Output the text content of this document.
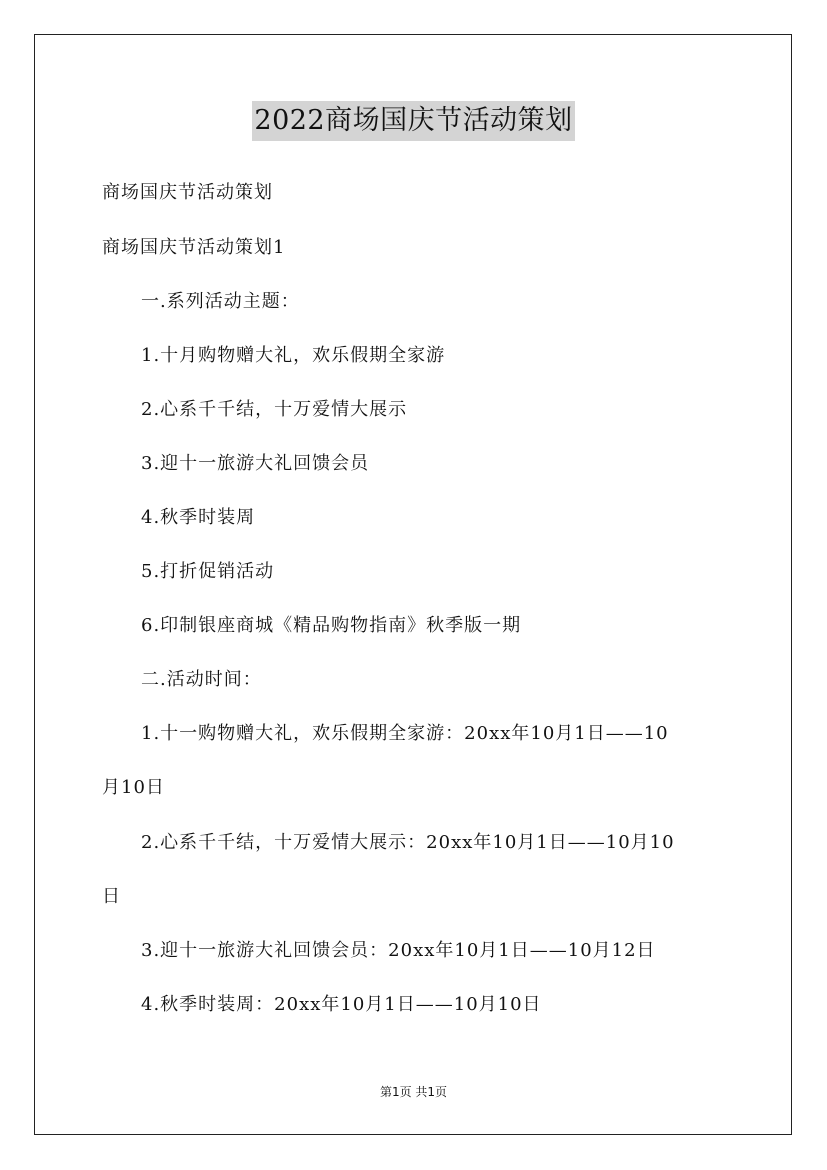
2022商场国庆节活动策划
商场国庆节活动策划
商场国庆节活动策划1
一.系列活动主题：
1.十月购物赠大礼，欢乐假期全家游
2.心系千千结，十万爱情大展示
3.迎十一旅游大礼回馈会员
4.秋季时装周
5.打折促销活动
6.印制银座商城《精品购物指南》秋季版一期
二.活动时间：
1.十一购物赠大礼，欢乐假期全家游：20xx年10月1日——10
月10日
2.心系千千结，十万爱情大展示：20xx年10月1日——10月10
日
3.迎十一旅游大礼回馈会员：20xx年10月1日——10月12日
4.秋季时装周：20xx年10月1日——10月10日
第1页 共1页
